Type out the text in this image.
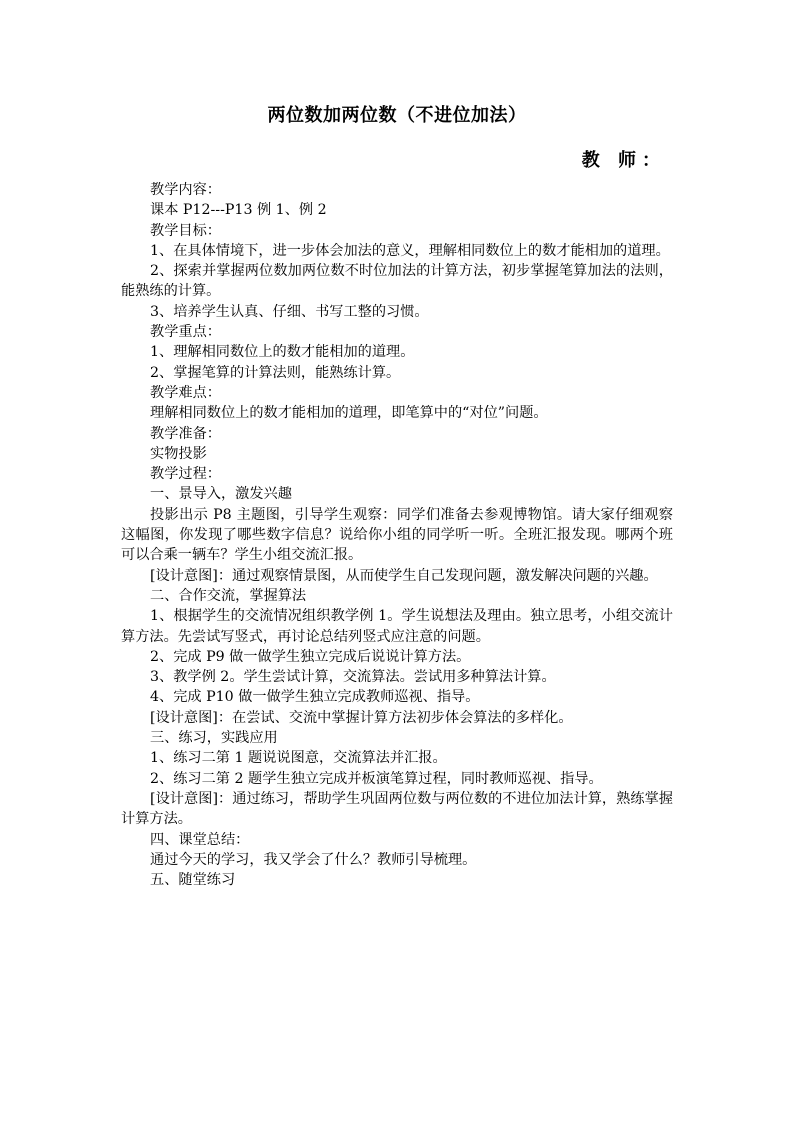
两位数加两位数（不进位加法）
教 师：

教学内容：

课本 P12---P13 例 1、例 2

教学目标：

1、在具体情境下，进一步体会加法的意义，理解相同数位上的数才能相加的道理。

2、探索并掌握两位数加两位数不时位加法的计算方法，初步掌握笔算加法的法则，能熟练的计算。

3、培养学生认真、仔细、书写工整的习惯。

教学重点：

1、理解相同数位上的数才能相加的道理。

2、掌握笔算的计算法则，能熟练计算。

教学难点：

理解相同数位上的数才能相加的道理，即笔算中的“对位”问题。

教学准备：

实物投影

教学过程：

一、景导入，激发兴趣

投影出示 P8 主题图，引导学生观察：同学们准备去参观博物馆。请大家仔细观察这幅图，你发现了哪些数字信息？说给你小组的同学听一听。全班汇报发现。哪两个班可以合乘一辆车？学生小组交流汇报。

[设计意图]：通过观察情景图，从而使学生自己发现问题，激发解决问题的兴趣。

二、合作交流，掌握算法

1、根据学生的交流情况组织教学例 1。学生说想法及理由。独立思考，小组交流计算方法。先尝试写竖式，再讨论总结列竖式应注意的问题。

2、完成 P9 做一做学生独立完成后说说计算方法。

3、教学例 2。学生尝试计算，交流算法。尝试用多种算法计算。

4、完成 P10 做一做学生独立完成教师巡视、指导。

[设计意图]：在尝试、交流中掌握计算方法初步体会算法的多样化。

三、练习，实践应用

1、练习二第 1 题说说图意，交流算法并汇报。

2、练习二第 2 题学生独立完成并板演笔算过程，同时教师巡视、指导。

[设计意图]：通过练习，帮助学生巩固两位数与两位数的不进位加法计算，熟练掌握计算方法。

四、课堂总结：

通过今天的学习，我又学会了什么？教师引导梳理。

五、随堂练习
